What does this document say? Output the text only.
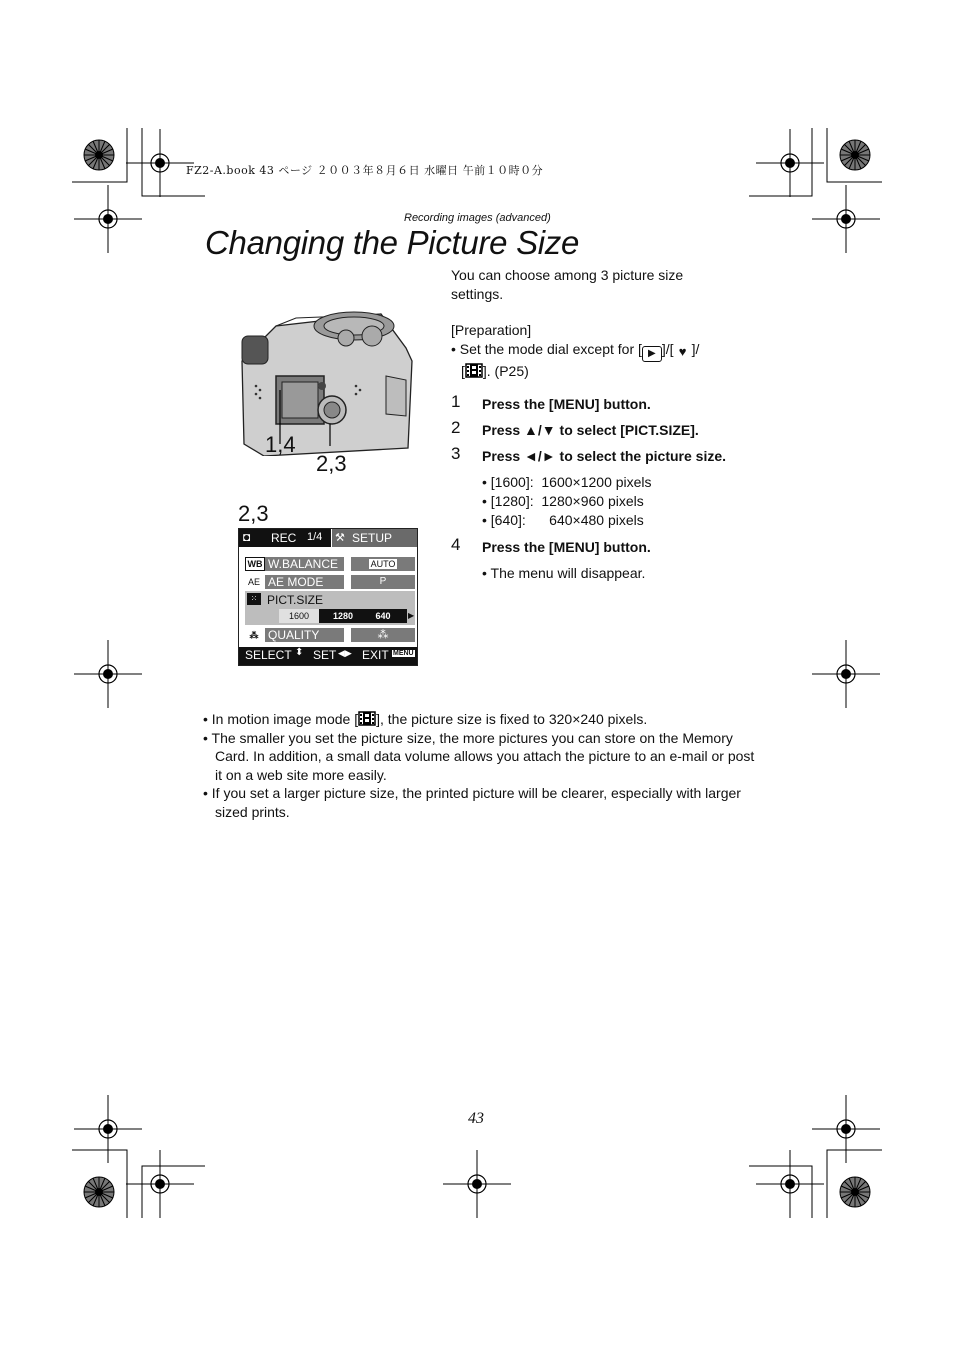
FZ2-A.book 43 ページ ２００３年８月６日 水曜日 午前１０時０分
Recording images (advanced)
Changing the Picture Size
You can choose among 3 picture size settings.
[Preparation]
• Set the mode dial except for [ ▶ ]/[ ♥ ]/
[ ]. (P25)
1 Press the [MENU] button.
2 Press ▲/▼ to select [PICT.SIZE].
3 Press ◄/► to select the picture size.
• [1600]:  1600×1200 pixels
• [1280]:  1280×960 pixels
• [640]:      640×480 pixels
4 Press the [MENU] button.
• The menu will disappear.
1,4
2,3
2,3
◘ REC 1/4 ⚒ SETUP
WB W.BALANCE	AUTO
AE AE MODE	P
⁙ PICT.SIZE
1600	1280	640	▶
⁂ QUALITY	⁂
SELECT ⬍ SET ◀▶ EXIT MENU
• In motion image mode [ ], the picture size is fixed to 320×240 pixels.
• The smaller you set the picture size, the more pictures you can store on the Memory Card. In addition, a small data volume allows you attach the picture to an e-mail or post it on a web site more easily.
• If you set a larger picture size, the printed picture will be clearer, especially with larger sized prints.
43
